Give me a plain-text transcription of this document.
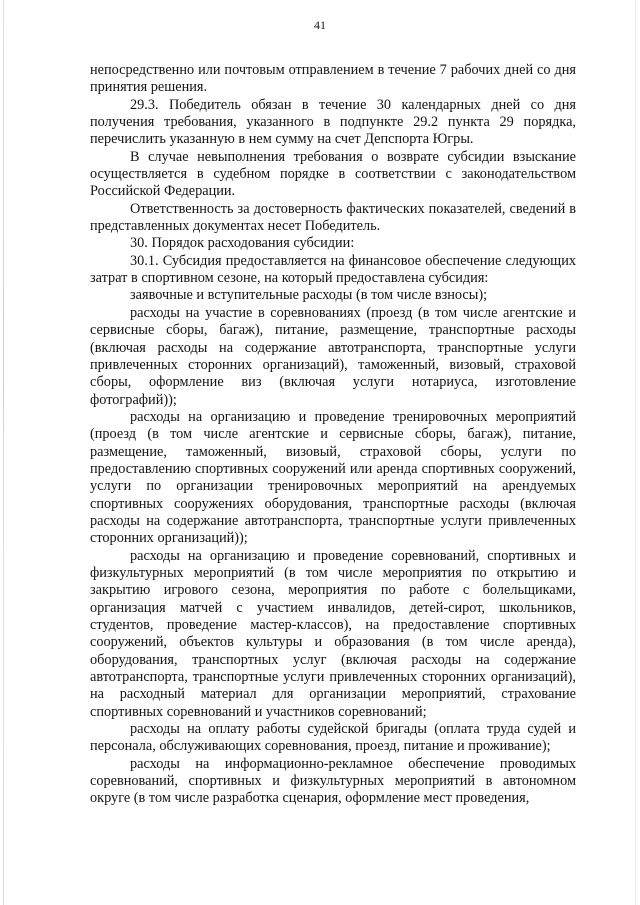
41

непосредственно или почтовым отправлением в течение 7 рабочих дней со дня принятия решения.

29.3. Победитель обязан в течение 30 календарных дней со дня получения требования, указанного в подпункте 29.2 пункта 29 порядка, перечислить указанную в нем сумму на счет Депспорта Югры.

В случае невыполнения требования о возврате субсидии взыскание осуществляется в судебном порядке в соответствии с законодательством Российской Федерации.

Ответственность за достоверность фактических показателей, сведений в представленных документах несет Победитель.

30. Порядок расходования субсидии:

30.1. Субсидия предоставляется на финансовое обеспечение следующих затрат в спортивном сезоне, на который предоставлена субсидия:

заявочные и вступительные расходы (в том числе взносы);

расходы на участие в соревнованиях (проезд (в том числе агентские и сервисные сборы, багаж), питание, размещение, транспортные расходы (включая расходы на содержание автотранспорта, транспортные услуги привлеченных сторонних организаций), таможенный, визовый, страховой сборы, оформление виз (включая услуги нотариуса, изготовление фотографий));

расходы на организацию и проведение тренировочных мероприятий (проезд (в том числе агентские и сервисные сборы, багаж), питание, размещение, таможенный, визовый, страховой сборы, услуги по предоставлению спортивных сооружений или аренда спортивных сооружений, услуги по организации тренировочных мероприятий на арендуемых спортивных сооружениях оборудования, транспортные расходы (включая расходы на содержание автотранспорта, транспортные услуги привлеченных сторонних организаций));

расходы на организацию и проведение соревнований, спортивных и физкультурных мероприятий (в том числе мероприятия по открытию и закрытию игрового сезона, мероприятия по работе с болельщиками, организация матчей с участием инвалидов, детей-сирот, школьников, студентов, проведение мастер-классов), на предоставление спортивных сооружений, объектов культуры и образования (в том числе аренда), оборудования, транспортных услуг (включая расходы на содержание автотранспорта, транспортные услуги привлеченных сторонних организаций), на расходный материал для организации мероприятий, страхование спортивных соревнований и участников соревнований;

расходы на оплату работы судейской бригады (оплата труда судей и персонала, обслуживающих соревнования, проезд, питание и проживание);

расходы на информационно-рекламное обеспечение проводимых соревнований, спортивных и физкультурных мероприятий в автономном округе (в том числе разработка сценария, оформление мест проведения,
